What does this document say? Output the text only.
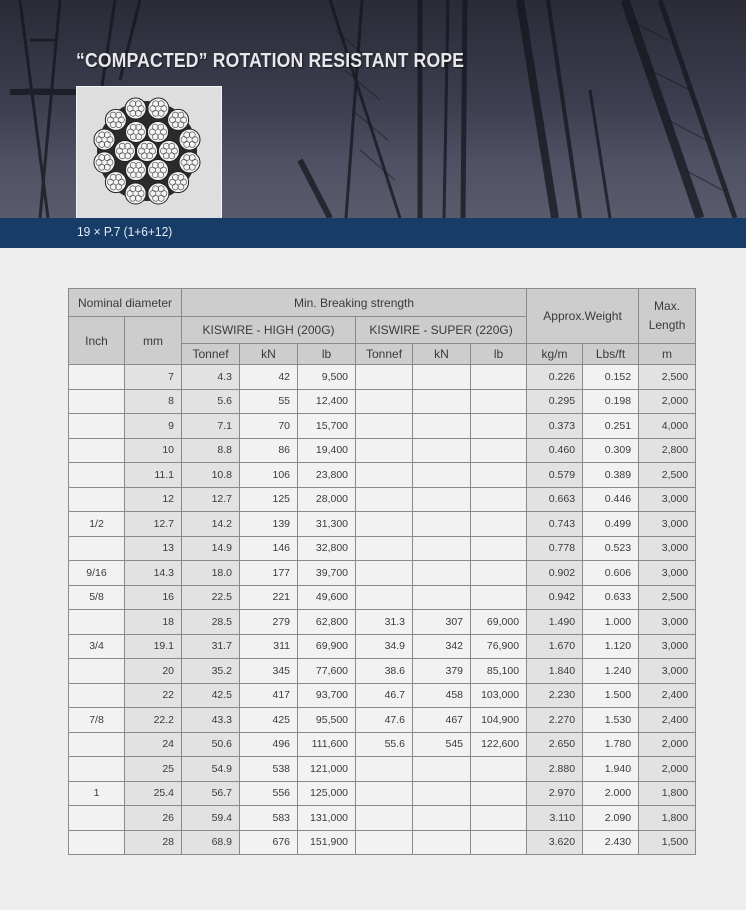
“COMPACTED” ROTATION RESISTANT ROPE
19 × P.7 (1+6+12)
Nominal diameter		Min. Breaking strength						Approx.Weight		Max. Length
Inch	mm	KISWIRE - HIGH (200G)			KISWIRE - SUPER (220G)					
		Tonnef	kN	lb	Tonnef	kN	lb	kg/m	Lbs/ft	m
	7	4.3	42	9,500				0.226	0.152	2,500
	8	5.6	55	12,400				0.295	0.198	2,000
	9	7.1	70	15,700				0.373	0.251	4,000
	10	8.8	86	19,400				0.460	0.309	2,800
	11.1	10.8	106	23,800				0.579	0.389	2,500
	12	12.7	125	28,000				0.663	0.446	3,000
1/2	12.7	14.2	139	31,300				0.743	0.499	3,000
	13	14.9	146	32,800				0.778	0.523	3,000
9/16	14.3	18.0	177	39,700				0.902	0.606	3,000
5/8	16	22.5	221	49,600				0.942	0.633	2,500
	18	28.5	279	62,800	31.3	307	69,000	1.490	1.000	3,000
3/4	19.1	31.7	311	69,900	34.9	342	76,900	1.670	1.120	3,000
	20	35.2	345	77,600	38.6	379	85,100	1.840	1.240	3,000
	22	42.5	417	93,700	46.7	458	103,000	2.230	1.500	2,400
7/8	22.2	43.3	425	95,500	47.6	467	104,900	2.270	1.530	2,400
	24	50.6	496	111,600	55.6	545	122,600	2.650	1.780	2,000
	25	54.9	538	121,000				2.880	1.940	2,000
1	25.4	56.7	556	125,000				2.970	2.000	1,800
	26	59.4	583	131,000				3.110	2.090	1,800
	28	68.9	676	151,900				3.620	2.430	1,500
